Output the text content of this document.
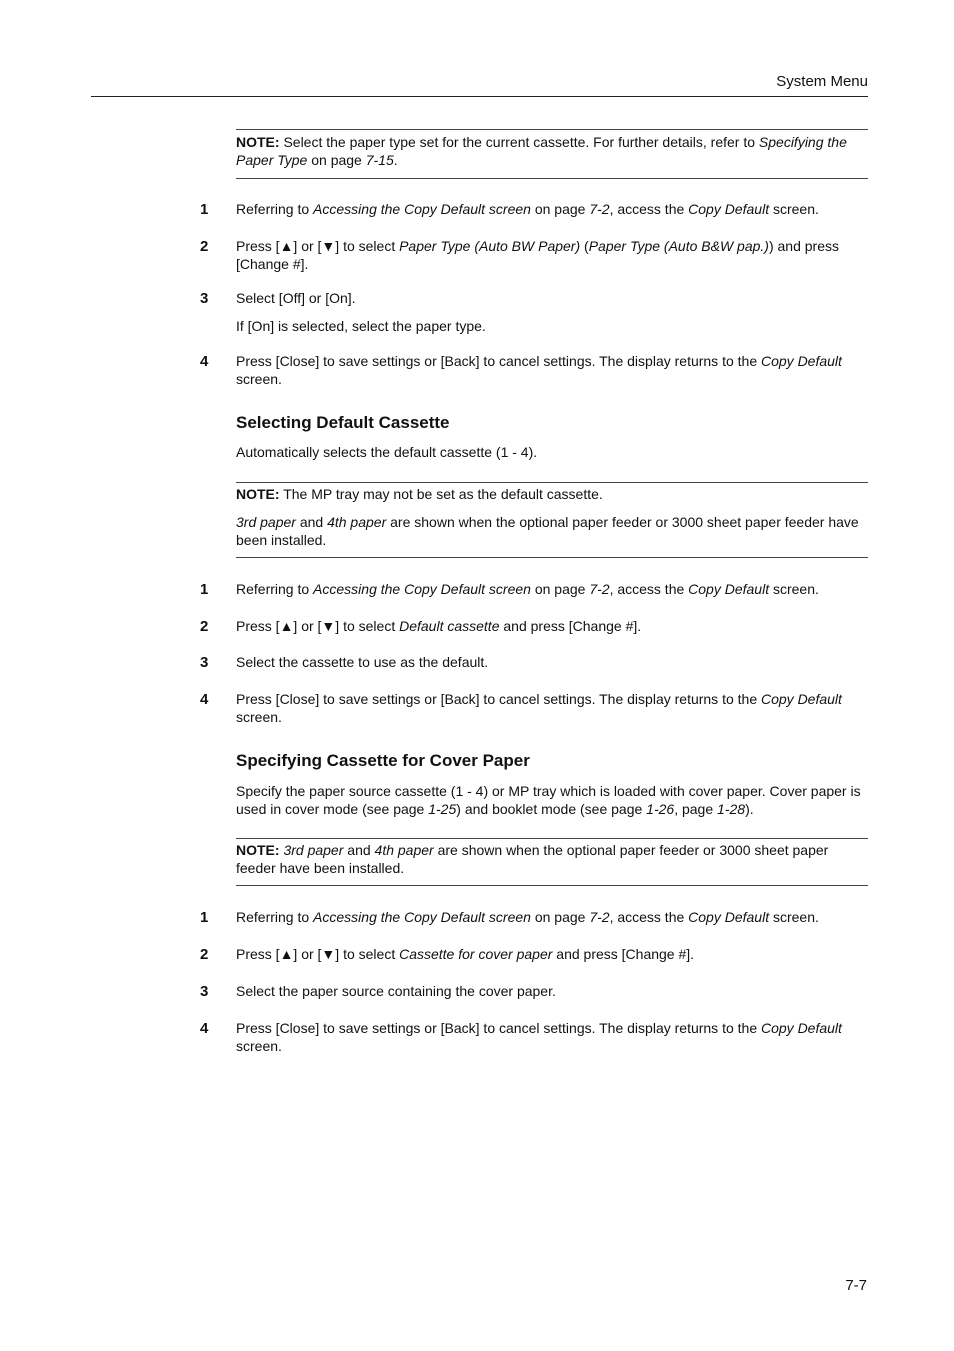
System Menu

NOTE: Select the paper type set for the current cassette. For further details, refer to Specifying the Paper Type on page 7-15.

1 Referring to Accessing the Copy Default screen on page 7-2, access the Copy Default screen.
2 Press [▲] or [▼] to select Paper Type (Auto BW Paper) (Paper Type (Auto B&W pap.)) and press [Change #].
3 Select [Off] or [On].
If [On] is selected, select the paper type.
4 Press [Close] to save settings or [Back] to cancel settings. The display returns to the Copy Default screen.
Selecting Default Cassette
Automatically selects the default cassette (1 - 4).

NOTE: The MP tray may not be set as the default cassette.

3rd paper and 4th paper are shown when the optional paper feeder or 3000 sheet paper feeder have been installed.

1 Referring to Accessing the Copy Default screen on page 7-2, access the Copy Default screen.
2 Press [▲] or [▼] to select Default cassette and press [Change #].
3 Select the cassette to use as the default.
4 Press [Close] to save settings or [Back] to cancel settings. The display returns to the Copy Default screen.
Specifying Cassette for Cover Paper
Specify the paper source cassette (1 - 4) or MP tray which is loaded with cover paper. Cover paper is used in cover mode (see page 1-25) and booklet mode (see page 1-26, page 1-28).

NOTE: 3rd paper and 4th paper are shown when the optional paper feeder or 3000 sheet paper feeder have been installed.

1 Referring to Accessing the Copy Default screen on page 7-2, access the Copy Default screen.
2 Press [▲] or [▼] to select Cassette for cover paper and press [Change #].
3 Select the paper source containing the cover paper.
4 Press [Close] to save settings or [Back] to cancel settings. The display returns to the Copy Default screen.
7-7
